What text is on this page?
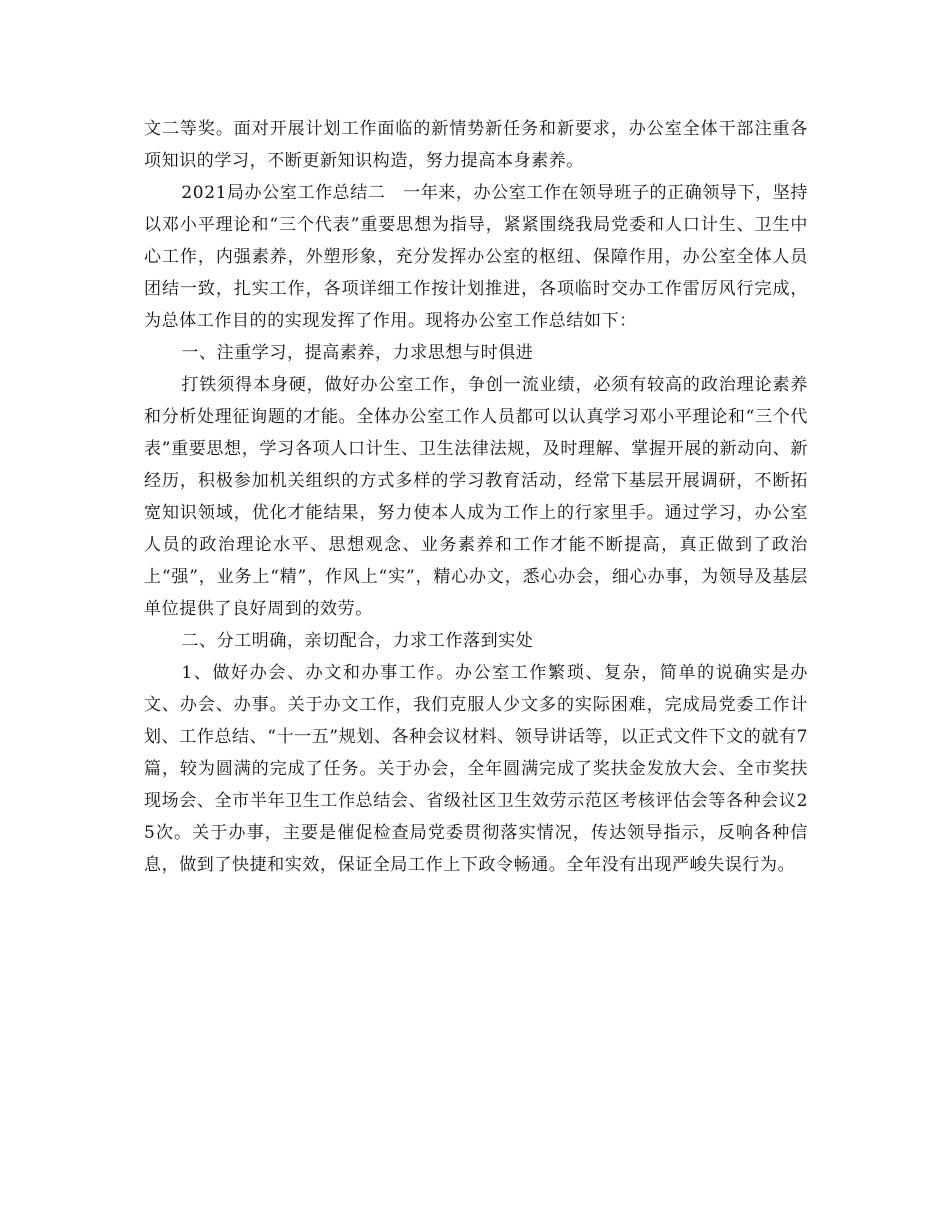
文二等奖。面对开展计划工作面临的新情势新任务和新要求，办公室全体干部注重各项知识的学习，不断更新知识构造，努力提高本身素养。

2021局办公室工作总结二　一年来，办公室工作在领导班子的正确领导下，坚持以邓小平理论和“三个代表”重要思想为指导，紧紧围绕我局党委和人口计生、卫生中心工作，内强素养，外塑形象，充分发挥办公室的枢纽、保障作用，办公室全体人员团结一致，扎实工作，各项详细工作按计划推进，各项临时交办工作雷厉风行完成，为总体工作目的的实现发挥了作用。现将办公室工作总结如下：

一、注重学习，提高素养，力求思想与时俱进

打铁须得本身硬，做好办公室工作，争创一流业绩，必须有较高的政治理论素养和分析处理征询题的才能。全体办公室工作人员都可以认真学习邓小平理论和“三个代表”重要思想，学习各项人口计生、卫生法律法规，及时理解、掌握开展的新动向、新经历，积极参加机关组织的方式多样的学习教育活动，经常下基层开展调研，不断拓宽知识领域，优化才能结果，努力使本人成为工作上的行家里手。通过学习，办公室人员的政治理论水平、思想观念、业务素养和工作才能不断提高，真正做到了政治上“强”，业务上“精”，作风上“实”，精心办文，悉心办会，细心办事，为领导及基层单位提供了良好周到的效劳。

二、分工明确，亲切配合，力求工作落到实处

1、做好办会、办文和办事工作。办公室工作繁琐、复杂，简单的说确实是办文、办会、办事。关于办文工作，我们克服人少文多的实际困难，完成局党委工作计划、工作总结、“十一五”规划、各种会议材料、领导讲话等，以正式文件下文的就有7篇，较为圆满的完成了任务。关于办会，全年圆满完成了奖扶金发放大会、全市奖扶现场会、全市半年卫生工作总结会、省级社区卫生效劳示范区考核评估会等各种会议25次。关于办事，主要是催促检查局党委贯彻落实情况，传达领导指示，反响各种信息，做到了快捷和实效，保证全局工作上下政令畅通。全年没有出现严峻失误行为。
